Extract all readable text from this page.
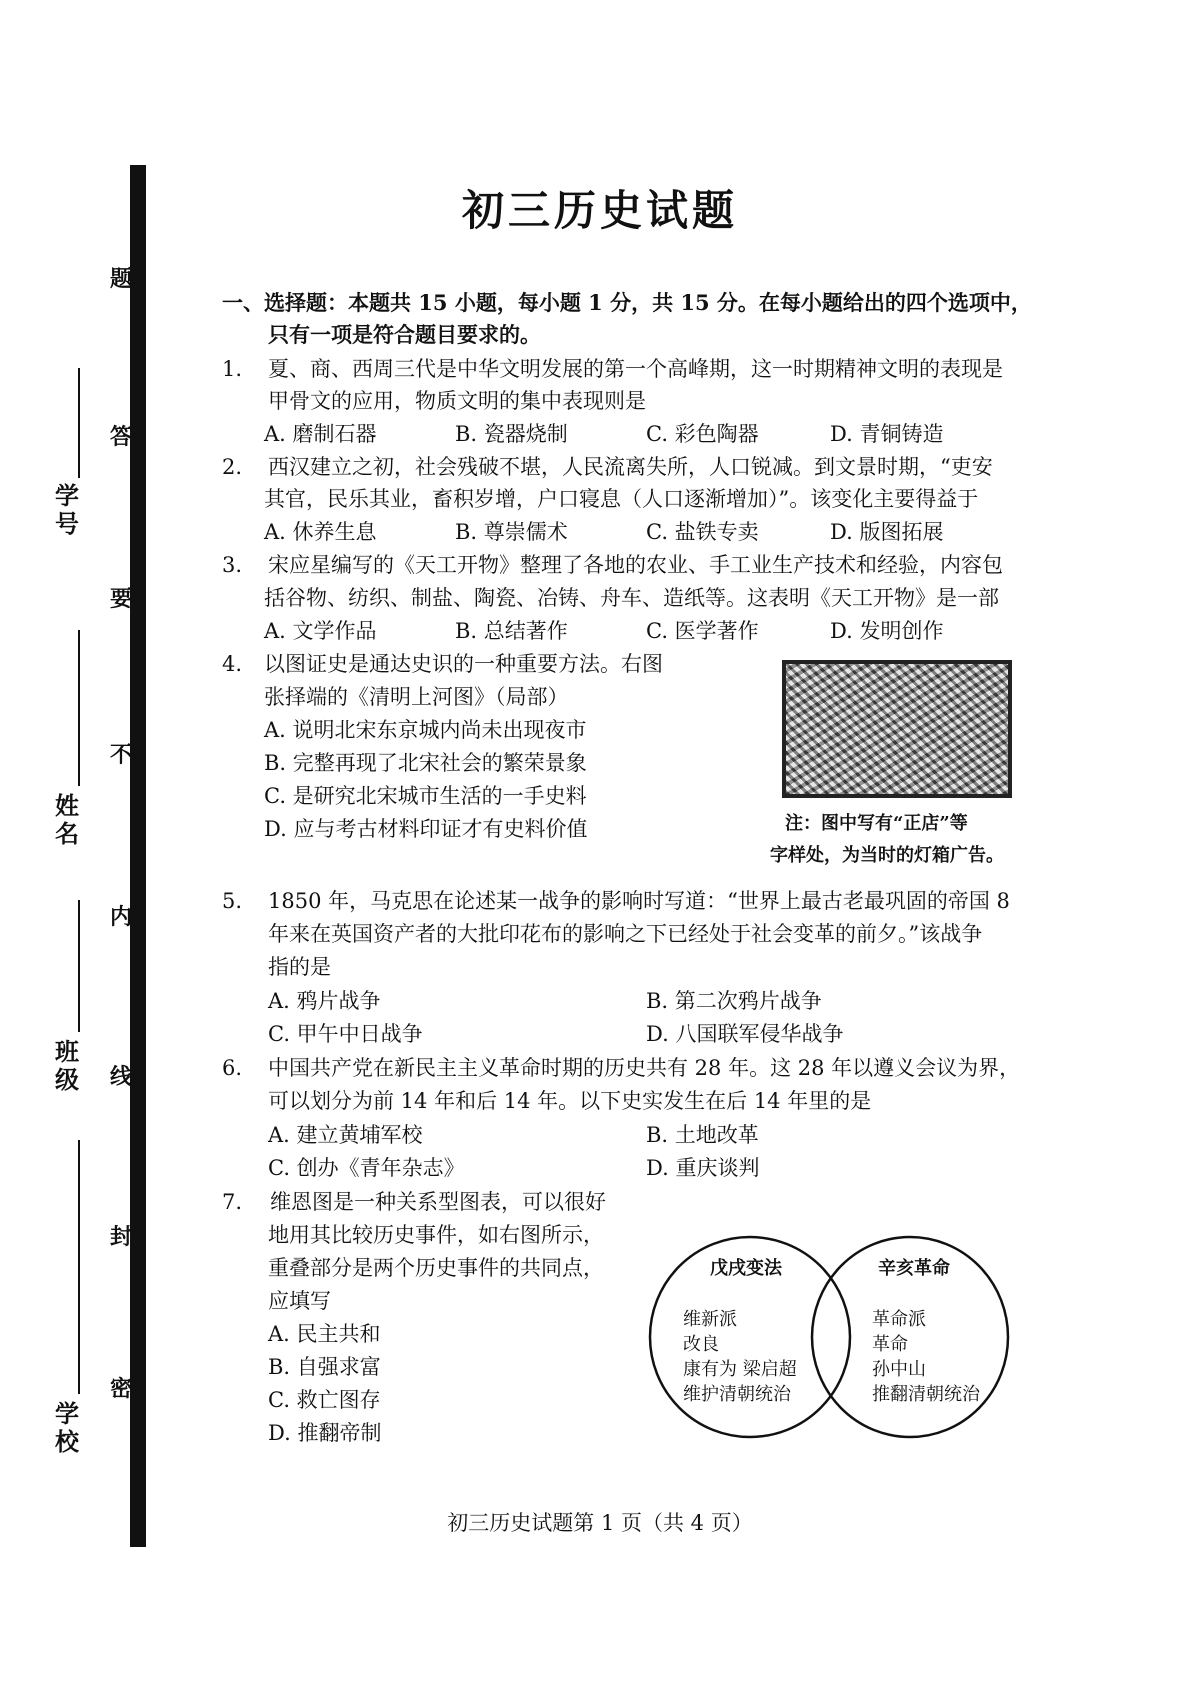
题
答
要
不
内
线
封
密
学号
姓名
班级
学校
初三历史试题
一、选择题：本题共 15 小题，每小题 1 分，共 15 分。在每小题给出的四个选项中，
只有一项是符合题目要求的。
1. 夏、商、西周三代是中华文明发展的第一个高峰期，这一时期精神文明的表现是
甲骨文的应用，物质文明的集中表现则是
A. 磨制石器	B. 瓷器烧制	C. 彩色陶器	D. 青铜铸造
2. 西汉建立之初，社会残破不堪，人民流离失所，人口锐减。到文景时期，“吏安
其官，民乐其业，畜积岁增，户口寝息（人口逐渐增加）”。该变化主要得益于
A. 休养生息	B. 尊崇儒术	C. 盐铁专卖	D. 版图拓展
3. 宋应星编写的《天工开物》整理了各地的农业、手工业生产技术和经验，内容包
括谷物、纺织、制盐、陶瓷、冶铸、舟车、造纸等。这表明《天工开物》是一部
A. 文学作品	B. 总结著作	C. 医学著作	D. 发明创作
4. 以图证史是通达史识的一种重要方法。右图
张择端的《清明上河图》（局部）
A. 说明北宋东京城内尚未出现夜市
B. 完整再现了北宋社会的繁荣景象
C. 是研究北宋城市生活的一手史料
D. 应与考古材料印证才有史料价值	注：图中写有“正店”等
字样处，为当时的灯箱广告。
5. 1850 年，马克思在论述某一战争的影响时写道：“世界上最古老最巩固的帝国 8
年来在英国资产者的大批印花布的影响之下已经处于社会变革的前夕。”该战争
指的是
A. 鸦片战争	B. 第二次鸦片战争
C. 甲午中日战争	D. 八国联军侵华战争
6. 中国共产党在新民主主义革命时期的历史共有 28 年。这 28 年以遵义会议为界，
可以划分为前 14 年和后 14 年。以下史实发生在后 14 年里的是
A. 建立黄埔军校	B. 土地改革
C. 创办《青年杂志》	D. 重庆谈判
7. 维恩图是一种关系型图表，可以很好
地用其比较历史事件，如右图所示，
重叠部分是两个历史事件的共同点，
应填写
A. 民主共和
B. 自强求富
C. 救亡图存
D. 推翻帝制
戊戌变法
维新派
改良
康有为 梁启超
维护清朝统治
辛亥革命
革命派
革命
孙中山
推翻清朝统治
初三历史试题第 1 页（共 4 页）
